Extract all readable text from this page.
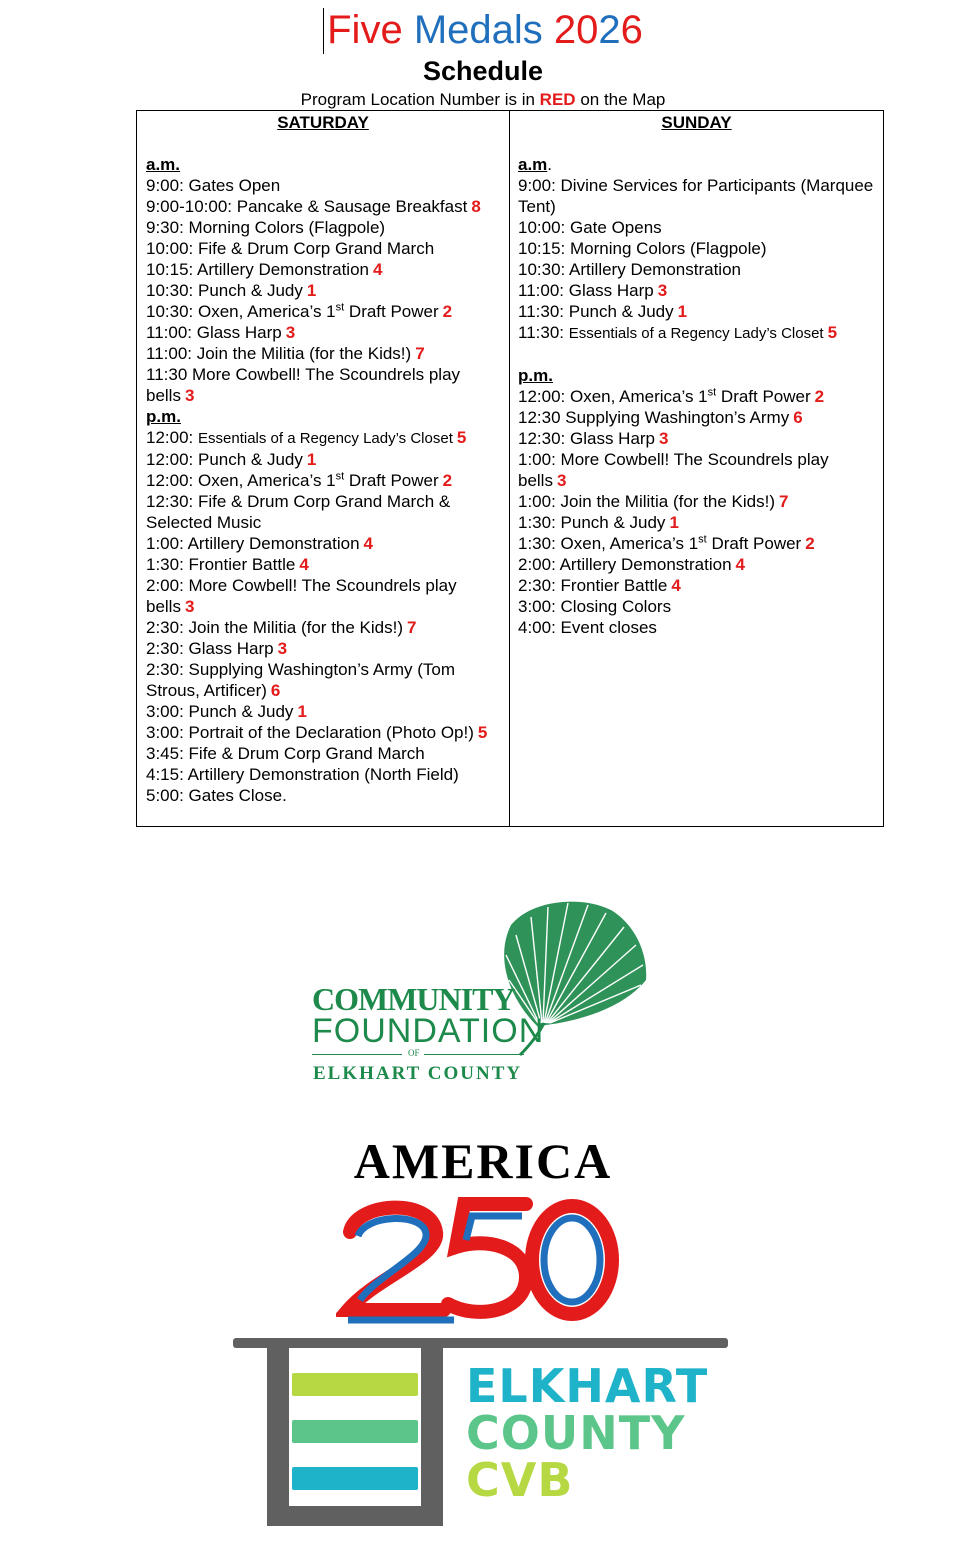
Five Medals 2026
Schedule
Program Location Number is in RED on the Map
SATURDAY
a.m.
9:00: Gates Open
9:00-10:00: Pancake & Sausage Breakfast 8
9:30: Morning Colors (Flagpole)
10:00: Fife & Drum Corp Grand March
10:15: Artillery Demonstration 4
10:30: Punch & Judy 1
10:30: Oxen, America’s 1st Draft Power 2
11:00: Glass Harp 3
11:00: Join the Militia (for the Kids!) 7
11:30 More Cowbell! The Scoundrels play bells 3
p.m.
12:00: Essentials of a Regency Lady’s Closet 5
12:00: Punch & Judy 1
12:00: Oxen, America’s 1st Draft Power 2
12:30: Fife & Drum Corp Grand March & Selected Music
1:00: Artillery Demonstration 4
1:30: Frontier Battle 4
2:00: More Cowbell! The Scoundrels play bells 3
2:30: Join the Militia (for the Kids!) 7
2:30: Glass Harp 3
2:30: Supplying Washington’s Army (Tom Strous, Artificer) 6
3:00: Punch & Judy 1
3:00: Portrait of the Declaration (Photo Op!) 5
3:45: Fife & Drum Corp Grand March
4:15: Artillery Demonstration (North Field)
5:00: Gates Close.
SUNDAY
a.m.
9:00: Divine Services for Participants (Marquee Tent)
10:00: Gate Opens
10:15: Morning Colors (Flagpole)
10:30: Artillery Demonstration
11:00: Glass Harp 3
11:30: Punch & Judy 1
11:30: Essentials of a Regency Lady’s Closet 5
p.m.
12:00: Oxen, America’s 1st Draft Power 2
12:30 Supplying Washington’s Army 6
12:30: Glass Harp 3
1:00: More Cowbell! The Scoundrels play bells 3
1:00: Join the Militia (for the Kids!) 7
1:30: Punch & Judy 1
1:30: Oxen, America’s 1st Draft Power 2
2:00: Artillery Demonstration 4
2:30: Frontier Battle 4
3:00: Closing Colors
4:00: Event closes
COMMUNITY
FOUNDATION
OF
ELKHART COUNTY
AMERICA
ELKHART
COUNTY
CVB
